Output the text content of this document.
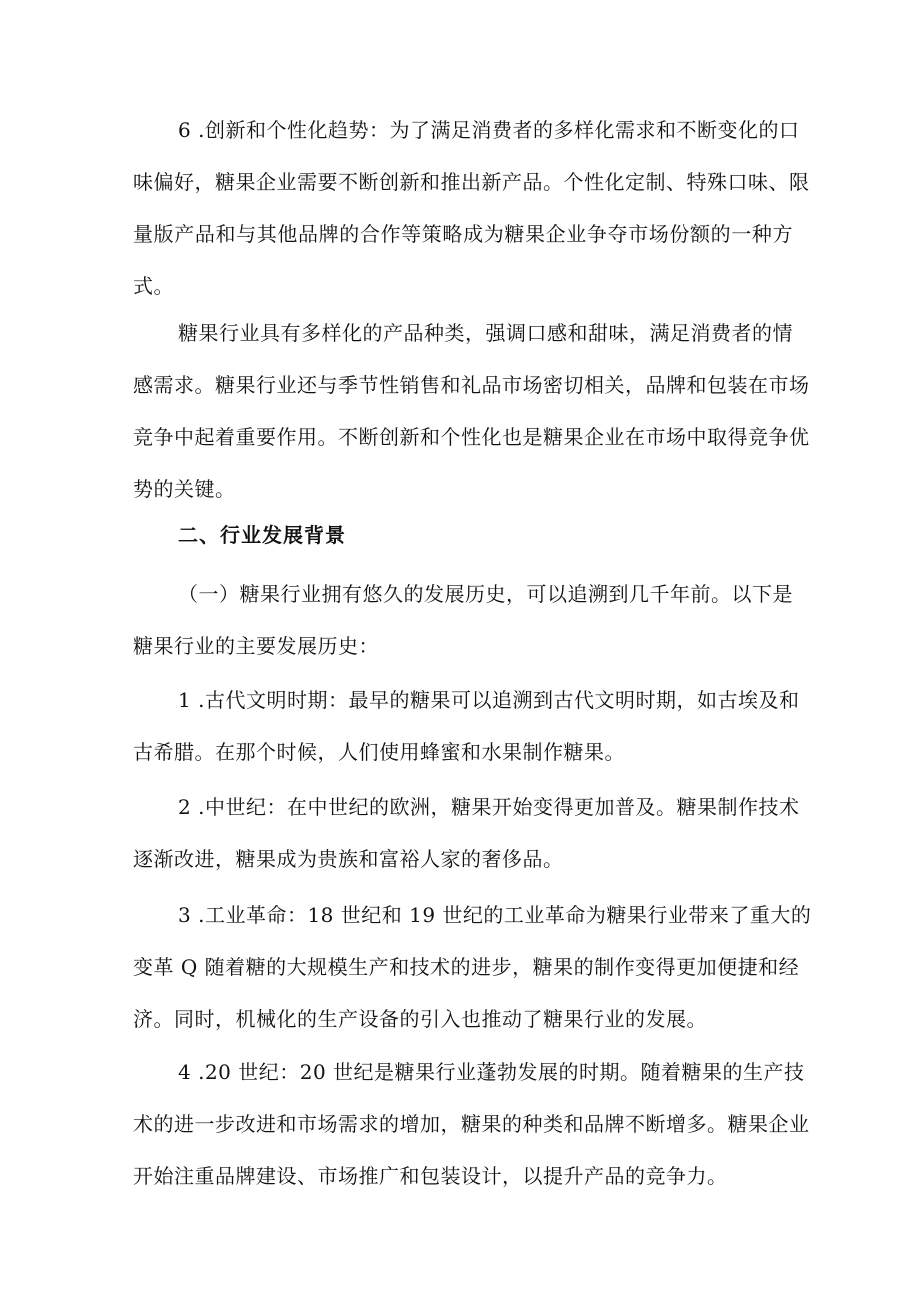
6 .创新和个性化趋势：为了满足消费者的多样化需求和不断变化的口
味偏好，糖果企业需要不断创新和推出新产品。个性化定制、特殊口味、限
量版产品和与其他品牌的合作等策略成为糖果企业争夺市场份额的一种方
式。
糖果行业具有多样化的产品种类，强调口感和甜味，满足消费者的情
感需求。糖果行业还与季节性销售和礼品市场密切相关，品牌和包装在市场
竞争中起着重要作用。不断创新和个性化也是糖果企业在市场中取得竞争优
势的关键。
二、行业发展背景
（一）糖果行业拥有悠久的发展历史，可以追溯到几千年前。以下是
糖果行业的主要发展历史：
1 .古代文明时期：最早的糖果可以追溯到古代文明时期，如古埃及和
古希腊。在那个时候，人们使用蜂蜜和水果制作糖果。
2 .中世纪：在中世纪的欧洲，糖果开始变得更加普及。糖果制作技术
逐渐改进，糖果成为贵族和富裕人家的奢侈品。
3 .工业革命：18 世纪和 19 世纪的工业革命为糖果行业带来了重大的
变革 Q 随着糖的大规模生产和技术的进步，糖果的制作变得更加便捷和经
济。同时，机械化的生产设备的引入也推动了糖果行业的发展。
4 .20 世纪：20 世纪是糖果行业蓬勃发展的时期。随着糖果的生产技
术的进一步改进和市场需求的增加，糖果的种类和品牌不断增多。糖果企业
开始注重品牌建设、市场推广和包装设计，以提升产品的竞争力。
